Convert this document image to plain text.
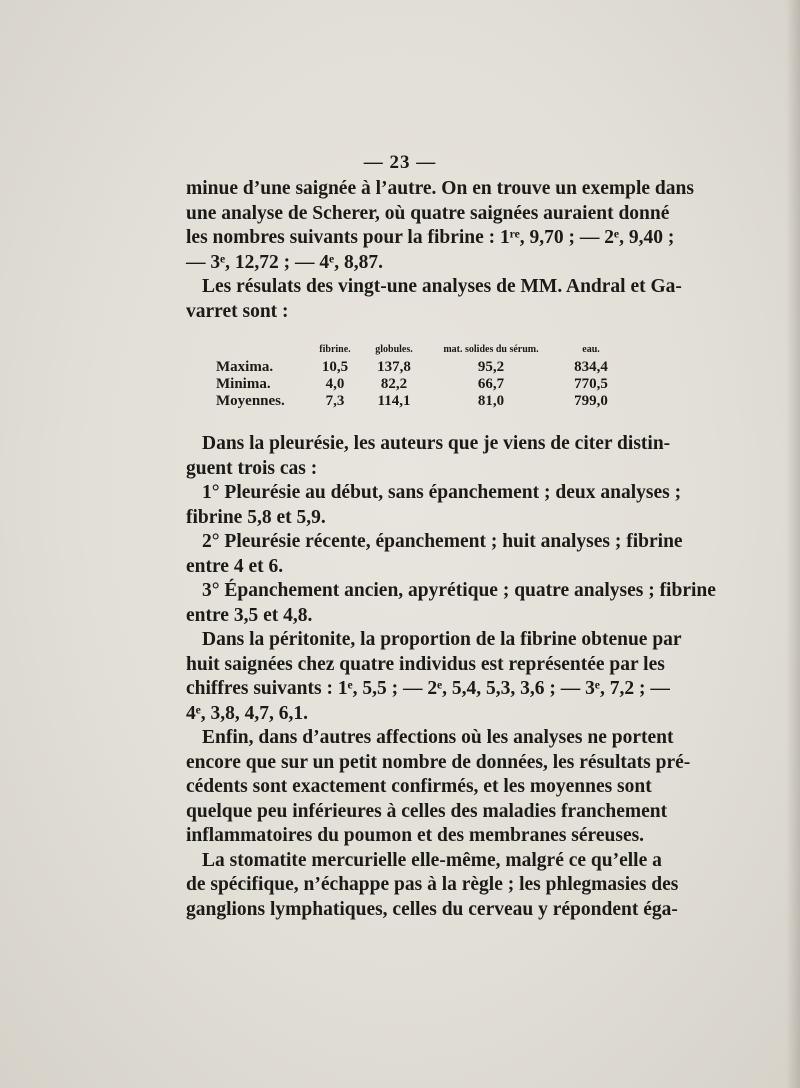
— 23 —
minue d’une saignée à l’autre. On en trouve un exemple dans
une analyse de Scherer, où quatre saignées auraient donné
les nombres suivants pour la fibrine : 1ʳᵉ, 9,70 ; — 2ᵉ, 9,40 ;
— 3ᵉ, 12,72 ; — 4ᵉ, 8,87.
Les résulats des vingt-une analyses de MM. Andral et Ga-
varret sont :
	fibrine.	globules.	mat. solides du sérum.	eau.
Maxima.	10,5	137,8	95,2	834,4
Minima.	4,0	82,2	66,7	770,5
Moyennes.	7,3	114,1	81,0	799,0
Dans la pleurésie, les auteurs que je viens de citer distin-
guent trois cas :
1° Pleurésie au début, sans épanchement ; deux analyses ;
fibrine 5,8 et 5,9.
2° Pleurésie récente, épanchement ; huit analyses ; fibrine
entre 4 et 6.
3° Épanchement ancien, apyrétique ; quatre analyses ; fibrine
entre 3,5 et 4,8.
Dans la péritonite, la proportion de la fibrine obtenue par
huit saignées chez quatre individus est représentée par les
chiffres suivants : 1ᵉ, 5,5 ; — 2ᵉ, 5,4, 5,3, 3,6 ; — 3ᵉ, 7,2 ; —
4ᵉ, 3,8, 4,7, 6,1.
Enfin, dans d’autres affections où les analyses ne portent
encore que sur un petit nombre de données, les résultats pré-
cédents sont exactement confirmés, et les moyennes sont
quelque peu inférieures à celles des maladies franchement
inflammatoires du poumon et des membranes séreuses.
La stomatite mercurielle elle-même, malgré ce qu’elle a
de spécifique, n’échappe pas à la règle ; les phlegmasies des
ganglions lymphatiques, celles du cerveau y répondent éga-
